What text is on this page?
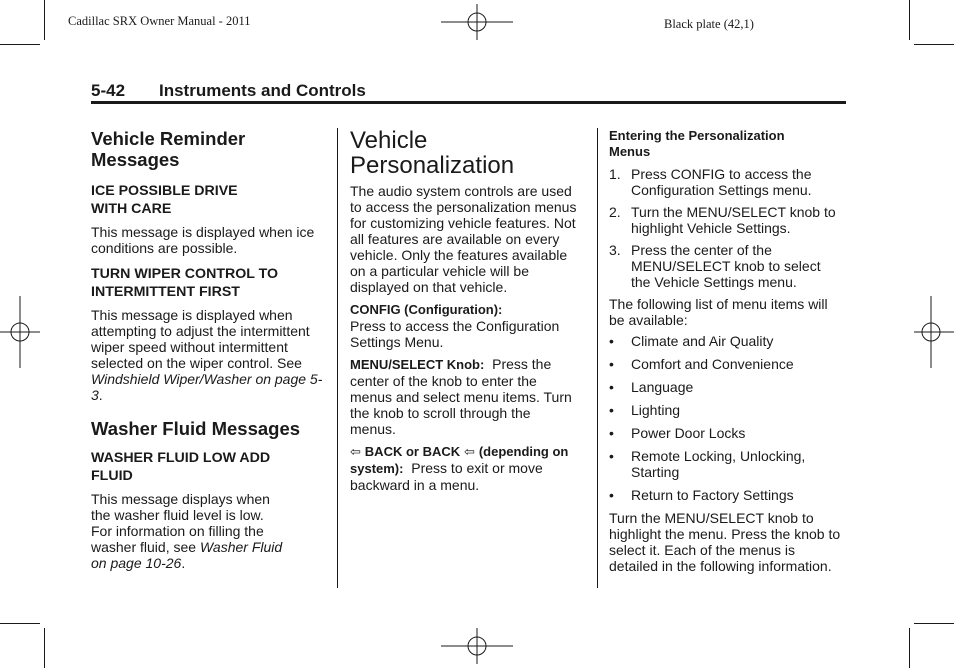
Cadillac SRX Owner Manual - 2011	Black plate (42,1)
5-42 Instruments and Controls
Vehicle Reminder Messages
ICE POSSIBLE DRIVE WITH CARE

This message is displayed when ice conditions are possible.

TURN WIPER CONTROL TO INTERMITTENT FIRST

This message is displayed when attempting to adjust the intermittent wiper speed without intermittent selected on the wiper control. See Windshield Wiper/Washer on page 5-3.

Washer Fluid Messages
WASHER FLUID LOW ADD FLUID

This message displays when the washer fluid level is low. For information on filling the washer fluid, see Washer Fluid on page 10-26.

Vehicle Personalization

The audio system controls are used to access the personalization menus for customizing vehicle features. Not all features are available on every vehicle. Only the features available on a particular vehicle will be displayed on that vehicle.

CONFIG (Configuration):
Press to access the Configuration Settings Menu.

MENU/SELECT Knob: Press the center of the knob to enter the menus and select menu items. Turn the knob to scroll through the menus.

⇦ BACK or BACK ⇦ (depending on system): Press to exit or move backward in a menu.

Entering the Personalization Menus
1. Press CONFIG to access the Configuration Settings menu.
2. Turn the MENU/SELECT knob to highlight Vehicle Settings.
3. Press the center of the MENU/SELECT knob to select the Vehicle Settings menu.

The following list of menu items will be available:

• Climate and Air Quality
• Comfort and Convenience
• Language
• Lighting
• Power Door Locks
• Remote Locking, Unlocking, Starting
• Return to Factory Settings

Turn the MENU/SELECT knob to highlight the menu. Press the knob to select it. Each of the menus is detailed in the following information.
